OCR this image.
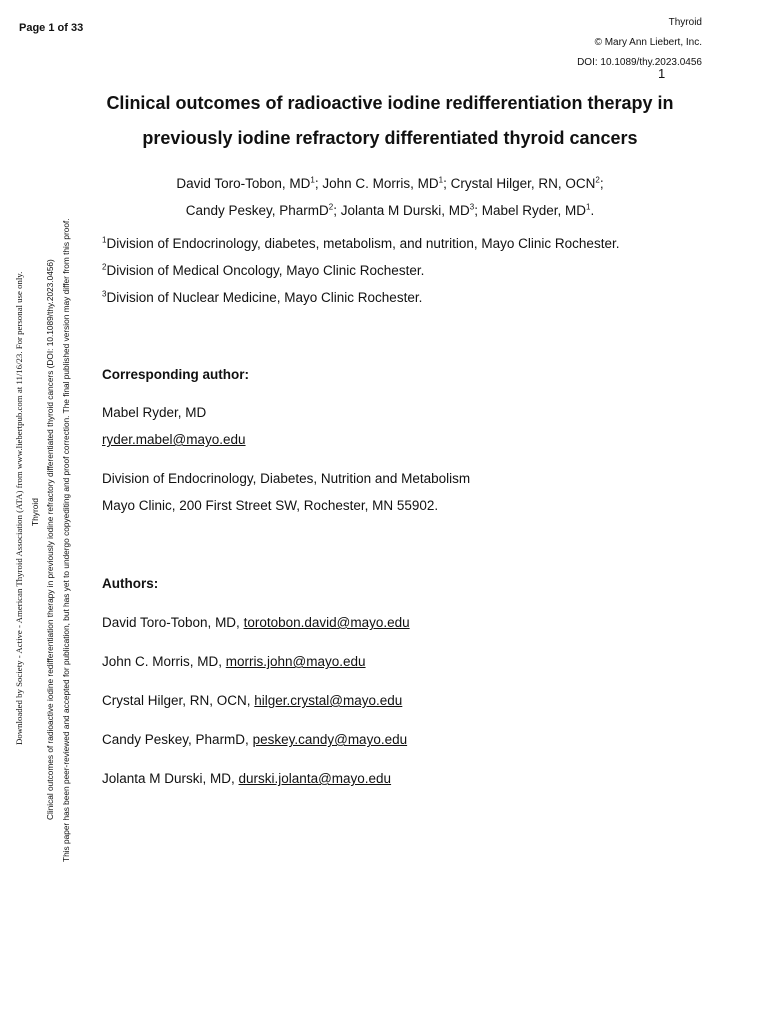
Page 1 of 33	Thyroid
© Mary Ann Liebert, Inc.
DOI: 10.1089/thy.2023.0456
1
Clinical outcomes of radioactive iodine redifferentiation therapy in
previously iodine refractory differentiated thyroid cancers
David Toro-Tobon, $MD^1$; John C. Morris, $MD^1$; Crystal Hilger, RN, OCN$^2$;
Candy Peskey, PharmD$^2$; Jolanta M Durski, $MD^3$; Mabel Ryder, $MD^1$.
$^1$Division of Endocrinology, diabetes, metabolism, and nutrition, Mayo Clinic Rochester.
$^2$Division of Medical Oncology, Mayo Clinic Rochester.
$^3$Division of Nuclear Medicine, Mayo Clinic Rochester.
Corresponding author:
Mabel Ryder, MD
ryder.mabel@mayo.edu
Division of Endocrinology, Diabetes, Nutrition and Metabolism
Mayo Clinic, 200 First Street SW, Rochester, MN 55902.
Authors:
David Toro-Tobon, MD, torotobon.david@mayo.edu
John C. Morris, MD, morris.john@mayo.edu
Crystal Hilger, RN, OCN, hilger.crystal@mayo.edu
Candy Peskey, PharmD, peskey.candy@mayo.edu
Jolanta M Durski, MD, durski.jolanta@mayo.edu
Downloaded by Society - Active - American Thyroid Association (ATA) from www.liebertpub.com at 11/16/23. For personal use only. Thyroid Clinical outcomes of radioactive iodine redifferentiation therapy in previously iodine refractory differentiated thyroid cancers (DOI: 10.1089/thy.2023.0456) This paper has been peer-reviewed and accepted for publication, but has yet to undergo copyediting and proof correction. The final published version may differ from this proof.
